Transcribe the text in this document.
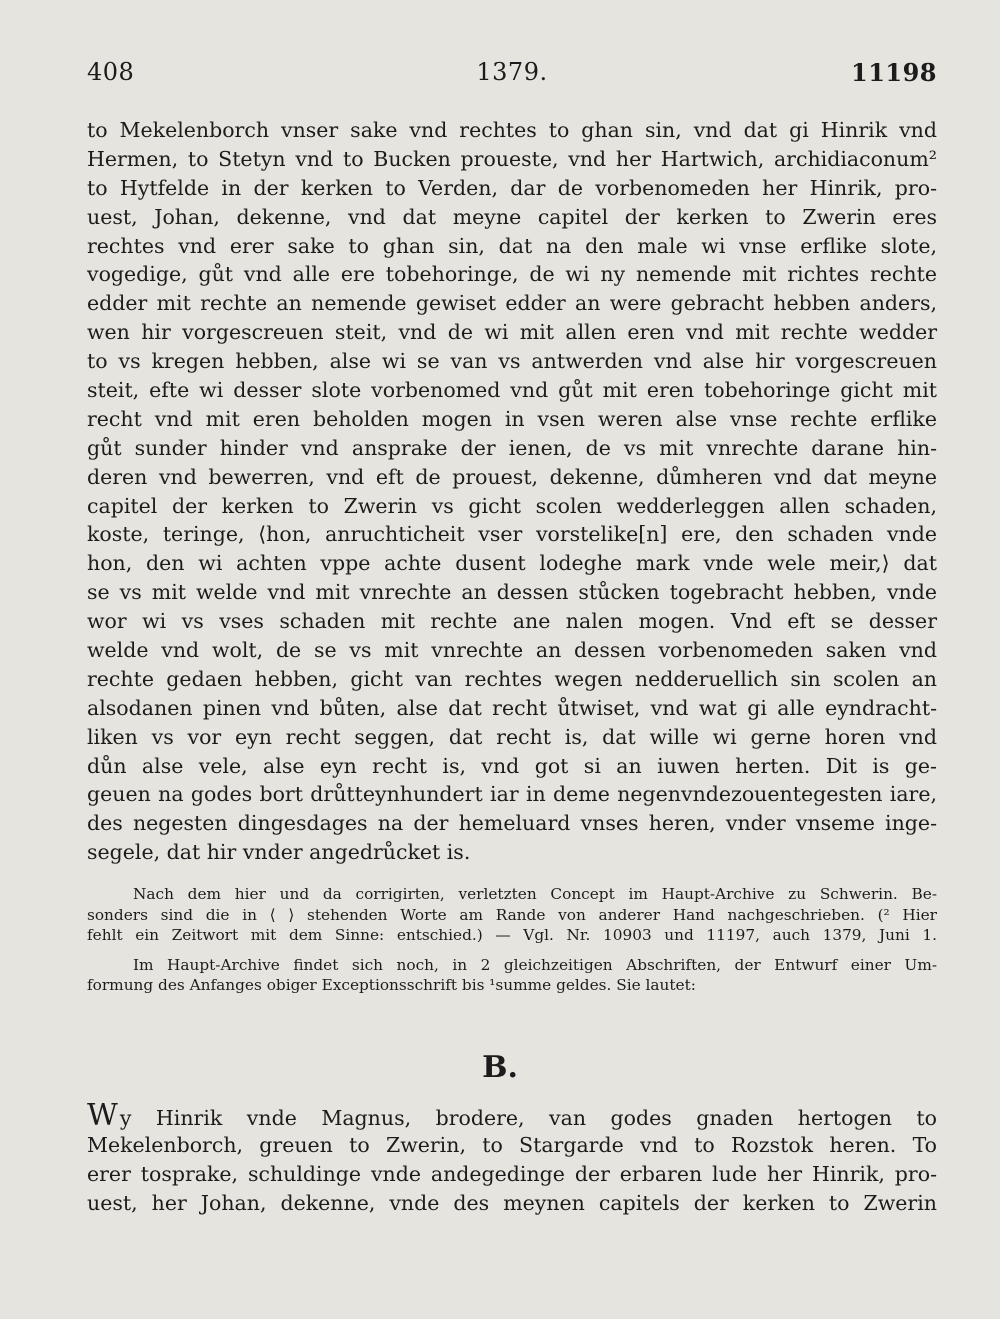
408	1379.	11198
to Mekelenborch vnser sake vnd rechtes to ghan sin, vnd dat gi Hinrik vnd
Hermen, to Stetyn vnd to Bucken proueste, vnd her Hartwich, archidiaconum²
to Hytfelde in der kerken to Verden, dar de vorbenomeden her Hinrik, pro-
uest, Johan, dekenne, vnd dat meyne capitel der kerken to Zwerin eres
rechtes vnd erer sake to ghan sin, dat na den male wi vnse erflike slote,
vogedige, gůt vnd alle ere tobehoringe, de wi ny nemende mit richtes rechte
edder mit rechte an nemende gewiset edder an were gebracht hebben anders,
wen hir vorgescreuen steit, vnd de wi mit allen eren vnd mit rechte wedder
to vs kregen hebben, alse wi se van vs antwerden vnd alse hir vorgescreuen
steit, efte wi desser slote vorbenomed vnd gůt mit eren tobehoringe gicht mit
recht vnd mit eren beholden mogen in vsen weren alse vnse rechte erflike
gůt sunder hinder vnd ansprake der ienen, de vs mit vnrechte darane hin-
deren vnd bewerren, vnd eft de prouest, dekenne, důmheren vnd dat meyne
capitel der kerken to Zwerin vs gicht scolen wedderleggen allen schaden,
koste, teringe, ⟨hon, anruchticheit vser vorstelike[n] ere, den schaden vnde
hon, den wi achten vppe achte dusent lodeghe mark vnde wele meir,⟩ dat
se vs mit welde vnd mit vnrechte an dessen stůcken togebracht hebben, vnde
wor wi vs vses schaden mit rechte ane nalen mogen. Vnd eft se desser
welde vnd wolt, de se vs mit vnrechte an dessen vorbenomeden saken vnd
rechte gedaen hebben, gicht van rechtes wegen nedderuellich sin scolen an
alsodanen pinen vnd bůten, alse dat recht ůtwiset, vnd wat gi alle eyndracht-
liken vs vor eyn recht seggen, dat recht is, dat wille wi gerne horen vnd
důn alse vele, alse eyn recht is, vnd got si an iuwen herten. Dit is ge-
geuen na godes bort drůtteynhundert iar in deme negenvndezouentegesten iare,
des negesten dingesdages na der hemeluard vnses heren, vnder vnseme inge-
segele, dat hir vnder angedrůcket is.
Nach dem hier und da corrigirten, verletzten Concept im Haupt-Archive zu Schwerin. Be-
sonders sind die in ⟨ ⟩ stehenden Worte am Rande von anderer Hand nachgeschrieben. (² Hier
fehlt ein Zeitwort mit dem Sinne: entschied.) — Vgl. Nr. 10903 und 11197, auch 1379, Juni 1.
Im Haupt-Archive findet sich noch, in 2 gleichzeitigen Abschriften, der Entwurf einer Um-
formung des Anfanges obiger Exceptionsschrift bis ¹summe geldes. Sie lautet:
B.
Wy Hinrik vnde Magnus, brodere, van godes gnaden hertogen to
Mekelenborch, greuen to Zwerin, to Stargarde vnd to Rozstok heren. To
erer tosprake, schuldinge vnde andegedinge der erbaren lude her Hinrik, pro-
uest, her Johan, dekenne, vnde des meynen capitels der kerken to Zwerin
